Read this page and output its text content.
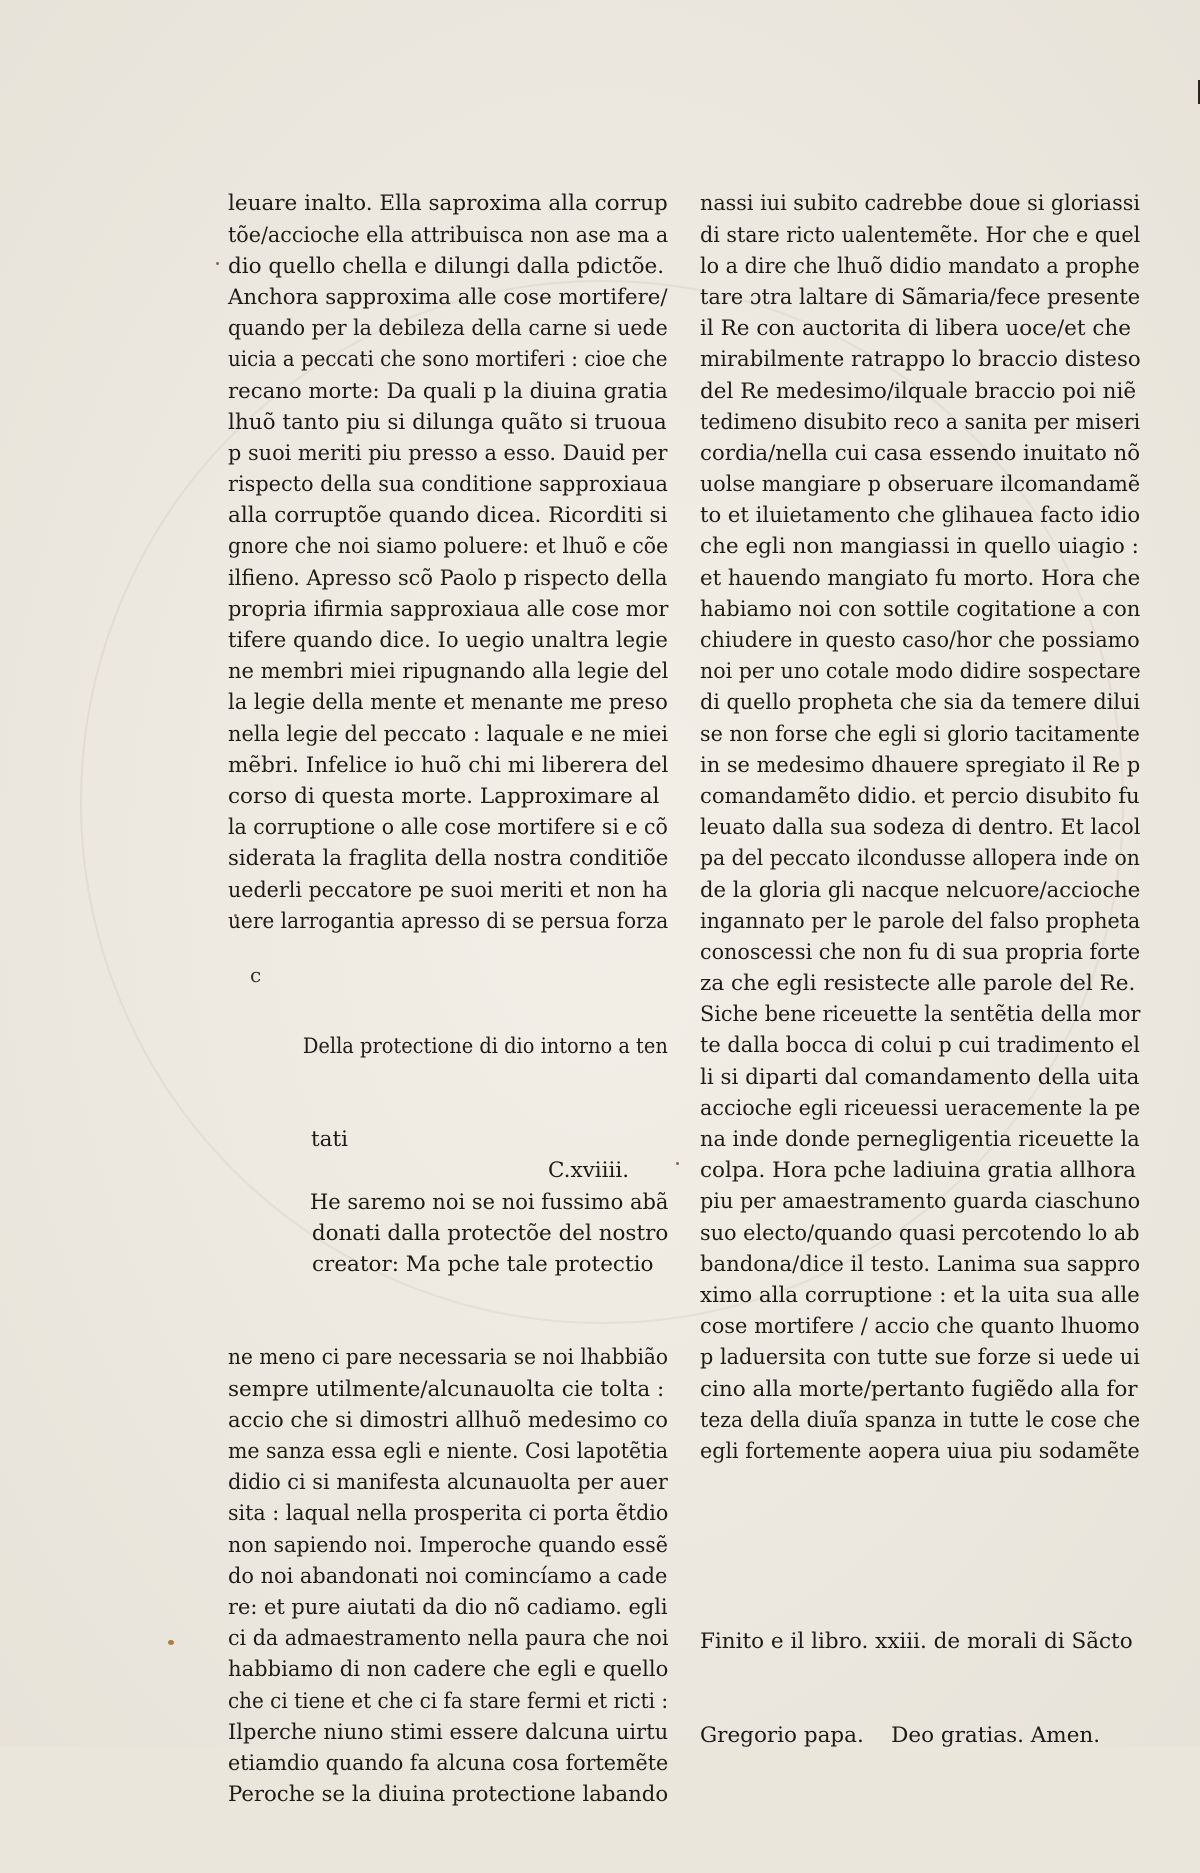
c

leuare inalto. Ella saproxima alla corrup
tõe/accioche ella attribuisca non ase ma a
dio quello chella e dilungi dalla pdictõe.
Anchora sapproxima alle cose mortifere/
quando per la debileza della carne si uede
uicia a peccati che sono mortiferi : cioe che
recano morte: Da quali p la diuina gratia
lhuõ tanto piu si dilunga quãto si truoua
p suoi meriti piu presso a esso. Dauid per
rispecto della sua conditione sapproxiaua
alla corruptõe quando dicea. Ricorditi si
gnore che noi siamo poluere: et lhuõ e cõe
ilfieno. Apresso scõ Paolo p rispecto della
propria ifirmia sapproxiaua alle cose mor
tifere quando dice. Io uegio unaltra legie
ne membri miei ripugnando alla legie del
la legie della mente et menante me preso
nella legie del peccato : laquale e ne miei
mẽbri. Infelice io huõ chi mi liberera del
corso di questa morte. Lapproximare al
la corruptione o alle cose mortifere si e cõ
siderata la fraglita della nostra conditiõe
uederli peccatore pe suoi meriti et non ha
uere larrogantia apresso di se persua forza

Della protectione di dio intorno a ten

tati

C.xviiii.

He saremo noi se noi fussimo abã
donati dalla protectõe del nostro
creator: Ma pche tale protectio

ne meno ci pare necessaria se noi lhabbião
sempre utilmente/alcunauolta cie tolta :
accio che si dimostri allhuõ medesimo co
me sanza essa egli e niente. Cosi lapotẽtia
didio ci si manifesta alcunauolta per auer
sita : laqual nella prosperita ci porta ẽtdio
non sapiendo noi. Imperoche quando essẽ
do noi abandonati noi comincíamo a cade
re: et pure aiutati da dio nõ cadiamo. egli
ci da admaestramento nella paura che noi
habbiamo di non cadere che egli e quello
che ci tiene et che ci fa stare fermi et ricti :
Ilperche niuno stimi essere dalcuna uirtu
etiamdio quando fa alcuna cosa fortemẽte
Peroche se la diuina protectione labando

nassi iui subito cadrebbe doue si gloriassi
di stare ricto ualentemẽte. Hor che e quel
lo a dire che lhuõ didio mandato a prophe
tare ɔtra laltare di Sãmaria/fece presente
il Re con auctorita di libera uoce/et che
mirabilmente ratrappo lo braccio disteso
del Re medesimo/ilquale braccio poi niẽ
tedimeno disubito reco a sanita per miseri
cordia/nella cui casa essendo inuitato nõ
uolse mangiare p obseruare ilcomandamẽ
to et iluietamento che glihauea facto idio
che egli non mangiassi in quello uiagio :
et hauendo mangiato fu morto. Hora che
habiamo noi con sottile cogitatione a con
chiudere in questo caso/hor che possiamo
noi per uno cotale modo didire sospectare
di quello propheta che sia da temere dilui
se non forse che egli si glorio tacitamente
in se medesimo dhauere spregiato il Re p
comandamẽto didio. et percio disubito fu
leuato dalla sua sodeza di dentro. Et lacol
pa del peccato ilcondusse allopera inde on
de la gloria gli nacque nelcuore/accioche
ingannato per le parole del falso propheta
conoscessi che non fu di sua propria forte
za che egli resistecte alle parole del Re.
Siche bene riceuette la sentẽtia della mor
te dalla bocca di colui p cui tradimento el
li si diparti dal comandamento della uita
accioche egli riceuessi ueracemente la pe
na inde donde pernegligentia riceuette la
colpa. Hora pche ladiuina gratia allhora
piu per amaestramento guarda ciaschuno
suo electo/quando quasi percotendo lo ab
bandona/dice il testo. Lanima sua sappro
ximo alla corruptione : et la uita sua alle
cose mortifere / accio che quanto lhuomo
p laduersita con tutte sue forze si uede ui
cino alla morte/pertanto fugiẽdo alla for
teza della diuĩa spanza in tutte le cose che
egli fortemente aopera uiua piu sodamẽte

Finito e il libro. xxiii. de morali di Sãcto

Gregorio papa.    Deo gratias. Amen.
